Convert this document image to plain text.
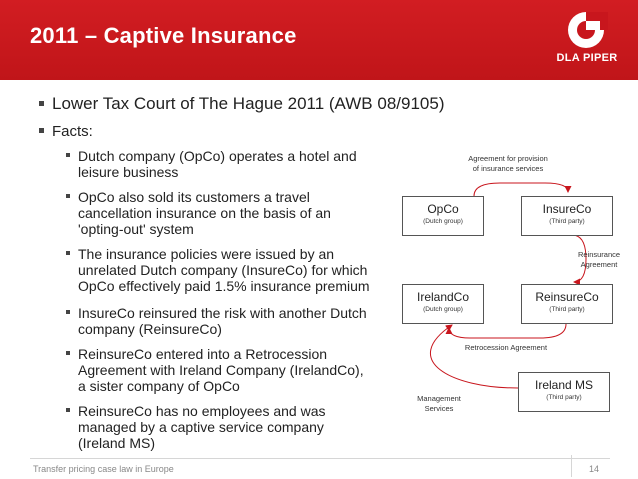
2011 – Captive Insurance
DLA PIPER
Lower Tax Court of The Hague 2011 (AWB 08/9105)
Facts:
Dutch company (OpCo) operates a hotel and
leisure business
OpCo also sold its customers a travel
cancellation insurance on the basis of an
'opting-out' system
The insurance policies were issued by an
unrelated Dutch company (InsureCo) for which
OpCo effectively paid 1.5% insurance premium
InsureCo reinsured the risk with another Dutch
company (ReinsureCo)
ReinsureCo entered into a Retrocession
Agreement with Ireland Company (IrelandCo),
a sister company of OpCo
ReinsureCo has no employees and was
managed by a captive service company
(Ireland MS)
OpCo
(Dutch group)
InsureCo
(Third party)
IrelandCo
(Dutch group)
ReinsureCo
(Third party)
Ireland MS
(Third party)
Agreement for provision
of insurance services
Reinsurance
Agreement
Retrocession Agreement
Management
Services
Transfer pricing case law in Europe	14
